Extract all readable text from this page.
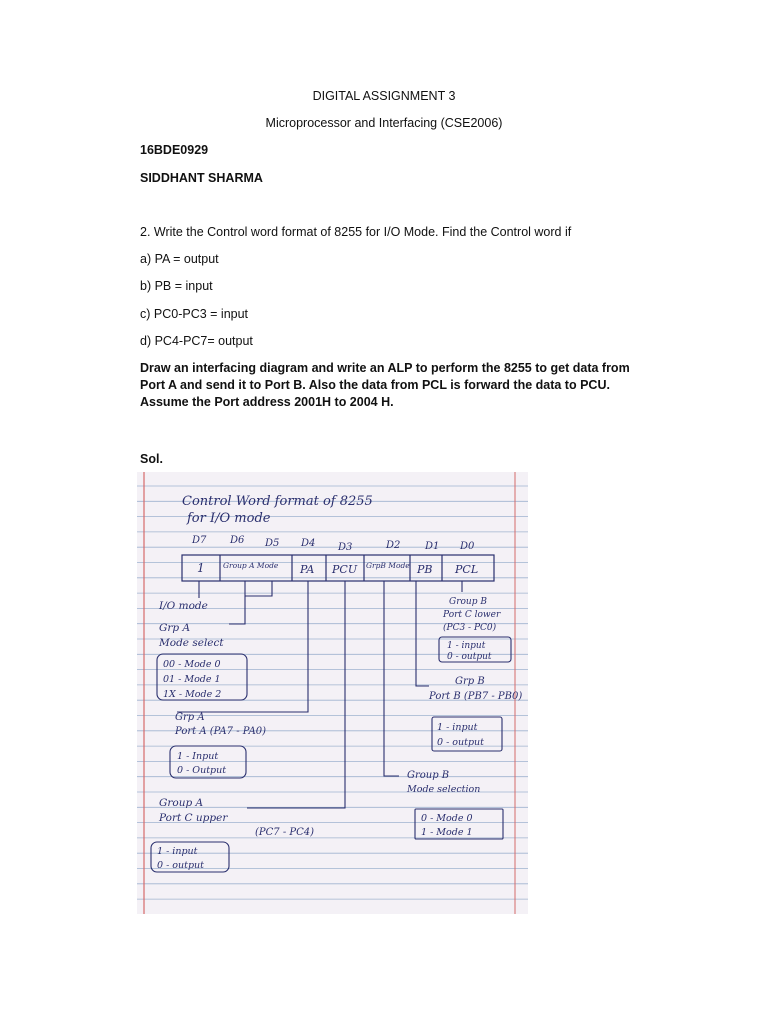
DIGITAL ASSIGNMENT 3
Microprocessor and Interfacing (CSE2006)
16BDE0929
SIDDHANT SHARMA
2. Write the Control word format of 8255 for I/O Mode. Find the Control word if
a) PA = output
b) PB = input
c) PC0-PC3 = input
d) PC4-PC7= output
Draw an interfacing diagram and write an ALP to perform the 8255 to get data from Port A and send it to Port B. Also the data from PCL is forward the data to PCU. Assume the Port address 2001H to 2004 H.
Sol.
Control Word format of 8255
for I/O mode
D7 D6 D5 D4 D3	D2 D1 D0
1 Group A Mode PA PCU GrpB Mode PB PCL
I/O mode
Grp A
Mode select
00 - Mode 0
01 - Mode 1
1X - Mode 2
Grp A
Port A (PA7 - PA0)
1 - Input
0 - Output
Group A
Port C upper
(PC7 - PC4)
1 - input
0 - output
Group B
Port C lower
(PC3 - PC0)
1 - input
0 - output
Grp B
Port B (PB7 - PB0)
1 - input
0 - output
Group B
Mode selection
0 - Mode 0
1 - Mode 1
